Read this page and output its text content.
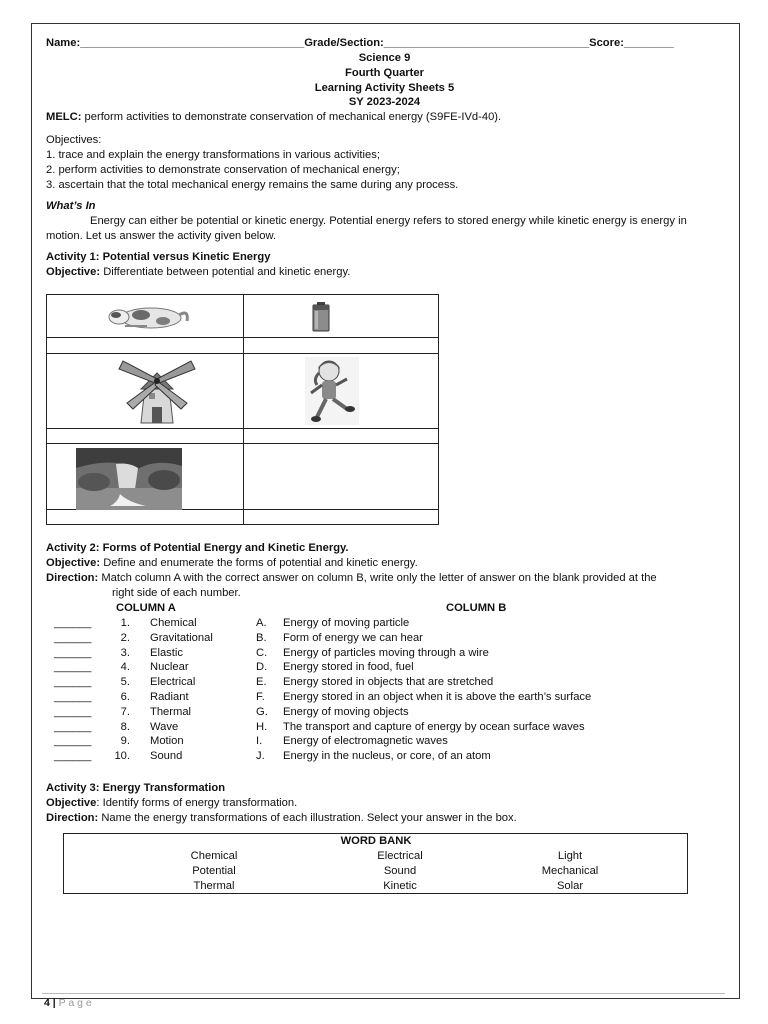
Name:____________________________________Grade/Section:_________________________________Score:________
Science 9
Fourth Quarter
Learning Activity Sheets 5
SY 2023-2024
MELC: perform activities to demonstrate conservation of mechanical energy (S9FE-IVd-40).
Objectives:
1. trace and explain the energy transformations in various activities;
2. perform activities to demonstrate conservation of mechanical energy;
3. ascertain that the total mechanical energy remains the same during any process.
What’s In
Energy can either be potential or kinetic energy. Potential energy refers to stored energy while kinetic energy is energy in
motion. Let us answer the activity given below.
Activity 1: Potential versus Kinetic Energy
Objective: Differentiate between potential and kinetic energy.
Activity 2: Forms of Potential Energy and Kinetic Energy.
Objective: Define and enumerate the forms of potential and kinetic energy.
Direction: Match column A with the correct answer on column B, write only the letter of answer on the blank provided at the
right side of each number.
COLUMN A	COLUMN B
______	1. Chemical	A. Energy of moving particle
______	2. Gravitational	B. Form of energy we can hear
______	3. Elastic	C. Energy of particles moving through a wire
______	4. Nuclear	D. Energy stored in food, fuel
______	5. Electrical	E. Energy stored in objects that are stretched
______	6. Radiant	F. Energy stored in an object when it is above the earth’s surface
______	7. Thermal	G. Energy of moving objects
______	8. Wave	H. The transport and capture of energy by ocean surface waves
______	9. Motion	I. Energy of electromagnetic waves
______	10. Sound	J. Energy in the nucleus, or core, of an atom
Activity 3: Energy Transformation
Objective: Identify forms of energy transformation.
Direction: Name the energy transformations of each illustration. Select your answer in the box.
WORD BANK
Chemical	Electrical	Light
Potential	Sound	Mechanical
Thermal	Kinetic	Solar
4 | P a g e
